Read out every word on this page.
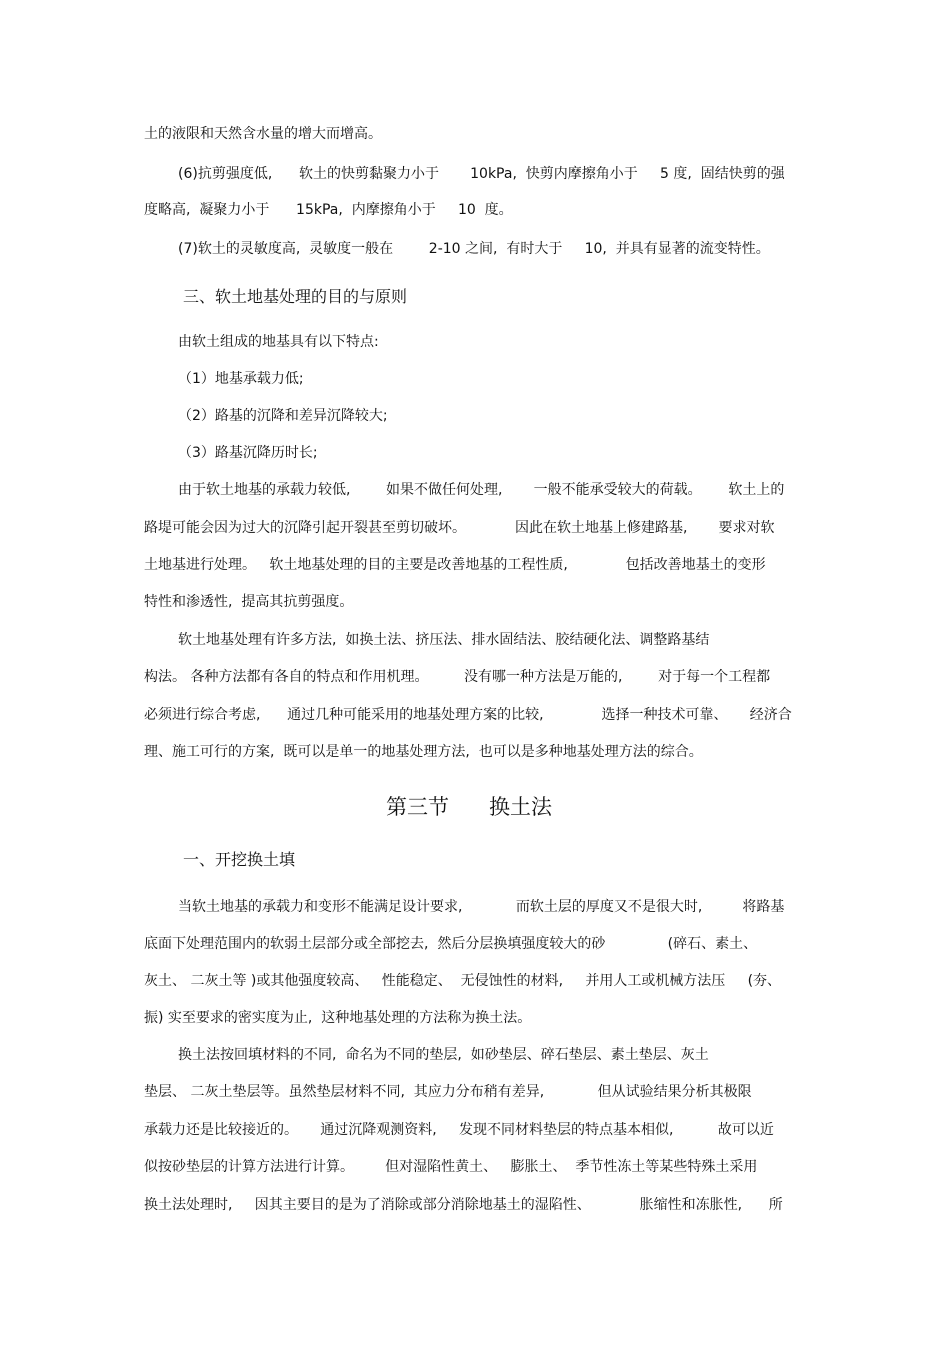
土的液限和天然含水量的增大而增高。
(6)抗剪强度低,      软土的快剪黏聚力小于       10kPa,  快剪内摩擦角小于     5 度,  固结快剪的强
度略高,  凝聚力小于      15kPa,  内摩擦角小于     10  度。
(7)软土的灵敏度高,  灵敏度一般在        2-10 之间,  有时大于     10,  并具有显著的流变特性。
三、软土地基处理的目的与原则
由软土组成的地基具有以下特点:
（1）地基承载力低;
（2）路基的沉降和差异沉降较大;
（3）路基沉降历时长;
由于软土地基的承载力较低,        如果不做任何处理,       一般不能承受较大的荷载。      软土上的
路堤可能会因为过大的沉降引起开裂甚至剪切破坏。           因此在软土地基上修建路基,       要求对软
土地基进行处理。   软土地基处理的目的主要是改善地基的工程性质,             包括改善地基土的变形
特性和渗透性,  提高其抗剪强度。
软土地基处理有许多方法,  如换土法、挤压法、排水固结法、胶结硬化法、调整路基结
构法。 各种方法都有各自的特点和作用机理。        没有哪一种方法是万能的,        对于每一个工程都
必须进行综合考虑,      通过几种可能采用的地基处理方案的比较,             选择一种技术可靠、     经济合
理、施工可行的方案,  既可以是单一的地基处理方法,  也可以是多种地基处理方法的综合。
第三节      换土法
一、开挖换土填
当软土地基的承载力和变形不能满足设计要求,            而软土层的厚度又不是很大时,         将路基
底面下处理范围内的软弱土层部分或全部挖去,  然后分层换填强度较大的砂              (碎石、素土、
灰土、 二灰土等 )或其他强度较高、   性能稳定、  无侵蚀性的材料,     并用人工或机械方法压     (夯、
振) 实至要求的密实度为止,  这种地基处理的方法称为换土法。
换土法按回填材料的不同,  命名为不同的垫层,  如砂垫层、碎石垫层、素土垫层、灰土
垫层、 二灰土垫层等。虽然垫层材料不同,  其应力分布稍有差异,            但从试验结果分析其极限
承载力还是比较接近的。     通过沉降观测资料,     发现不同材料垫层的特点基本相似,          故可以近
似按砂垫层的计算方法进行计算。       但对湿陷性黄土、   膨胀土、  季节性冻土等某些特殊土采用
换土法处理时,     因其主要目的是为了消除或部分消除地基土的湿陷性、           胀缩性和冻胀性,      所
